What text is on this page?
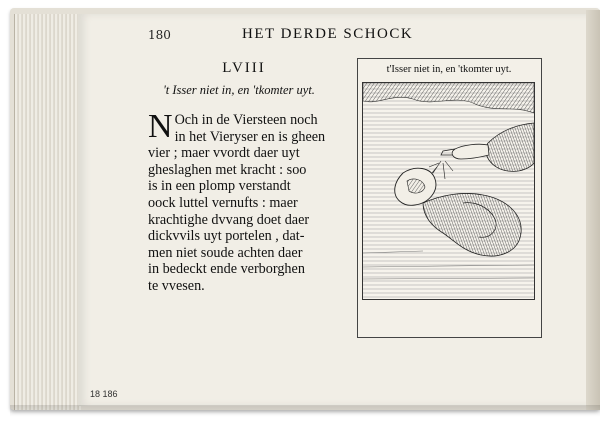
180	HET DERDE SCHOCK
LVIII
't Isser niet in, en 'tkomter uyt.
N Och in de Viersteen noch
in het Vieryser en is gheen
vier ; maer vvordt daer uyt
gheslaghen met kracht : soo
is in een plomp verstandt
oock luttel vernufts : maer
krachtighe dvvang doet daer
dickvvils uyt portelen , dat-
men niet soude achten daer
in bedeckt ende verborghen
te vvesen.
t'Isser niet in, en 'tkomter uyt.
18 186
